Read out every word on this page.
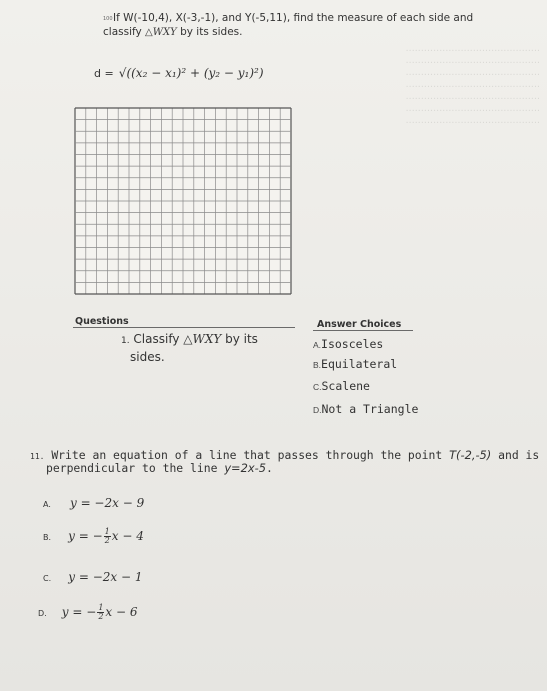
............................................
............................................
............................................
............................................
............................................
............................................
............................................
100 If W(-10,4), X(-3,-1), and Y(-5,11), find the measure of each side and
classify △WXY by its sides.
d = √((x₂ − x₁)² + (y₂ − y₁)²)
Questions	Answer Choices
1. Classify △WXY by its
sides.
A.Isosceles
B.Equilateral
C.Scalene
D.Not a Triangle
11. Write an equation of a line that passes through the point T(-2,-5) and is
perpendicular to the line y=2x-5.
A. y = −2x − 9
B. y = − $\frac{1}{2}$ x − 4
C. y = −2x − 1
D. y = − $\frac{1}{2}$ x − 6
